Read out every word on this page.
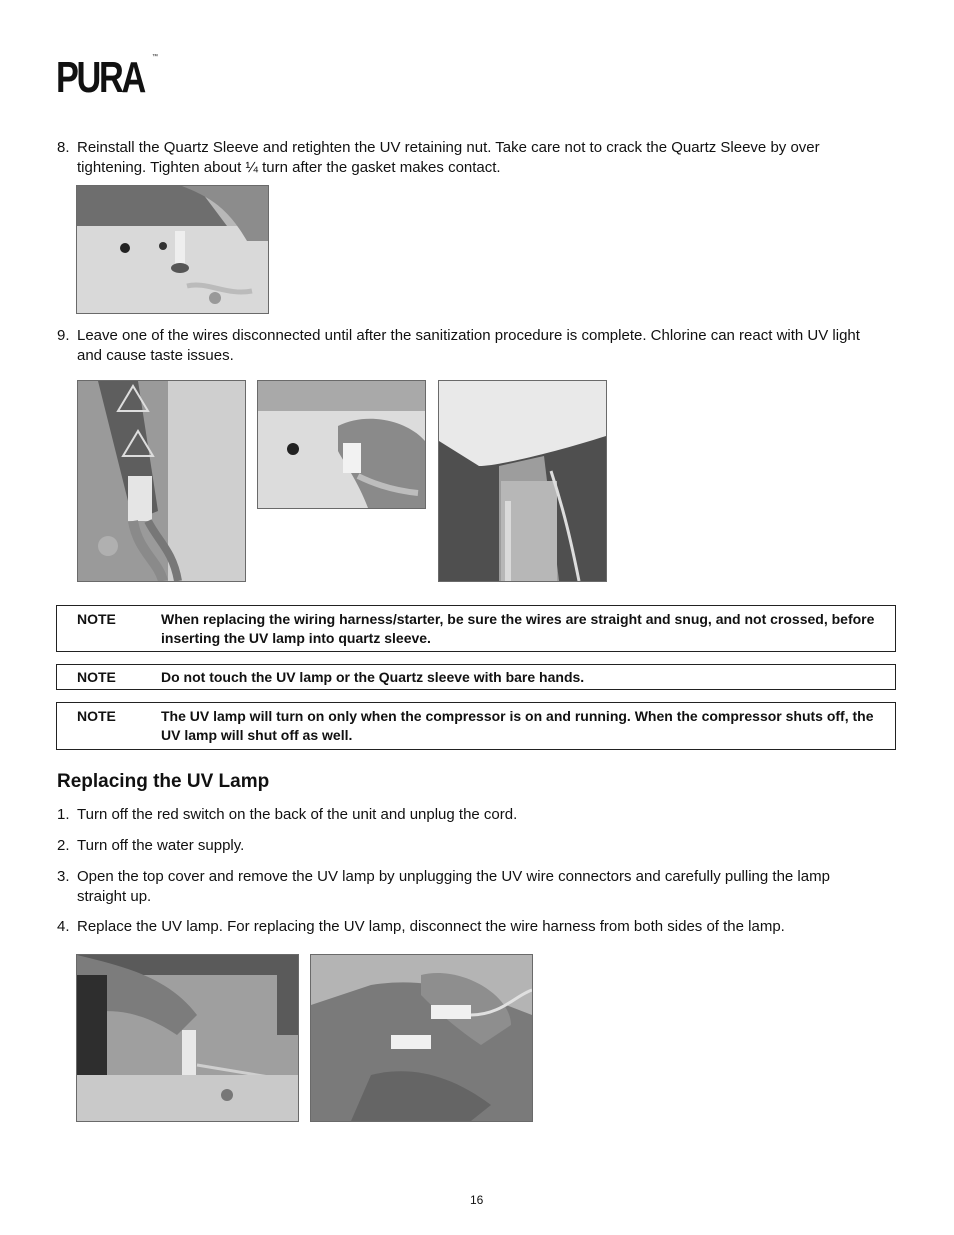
PURA ™
8. Reinstall the Quartz Sleeve and retighten the UV retaining nut. Take care not to crack the Quartz Sleeve by over tightening. Tighten about ¼ turn after the gasket makes contact.
9. Leave one of the wires disconnected until after the sanitization procedure is complete. Chlorine can react with UV light and cause taste issues.
NOTE	When replacing the wiring harness/starter, be sure the wires are straight and snug, and not crossed, before inserting the UV lamp into quartz sleeve.
NOTE	Do not touch the UV lamp or the Quartz sleeve with bare hands.
NOTE	The UV lamp will turn on only when the compressor is on and running. When the compressor shuts off, the UV lamp will shut off as well.
Replacing the UV Lamp
1. Turn off the red switch on the back of the unit and unplug the cord.
2. Turn off the water supply.
3. Open the top cover and remove the UV lamp by unplugging the UV wire connectors and carefully pulling the lamp straight up.
4. Replace the UV lamp. For replacing the UV lamp, disconnect the wire harness from both sides of the lamp.
16
